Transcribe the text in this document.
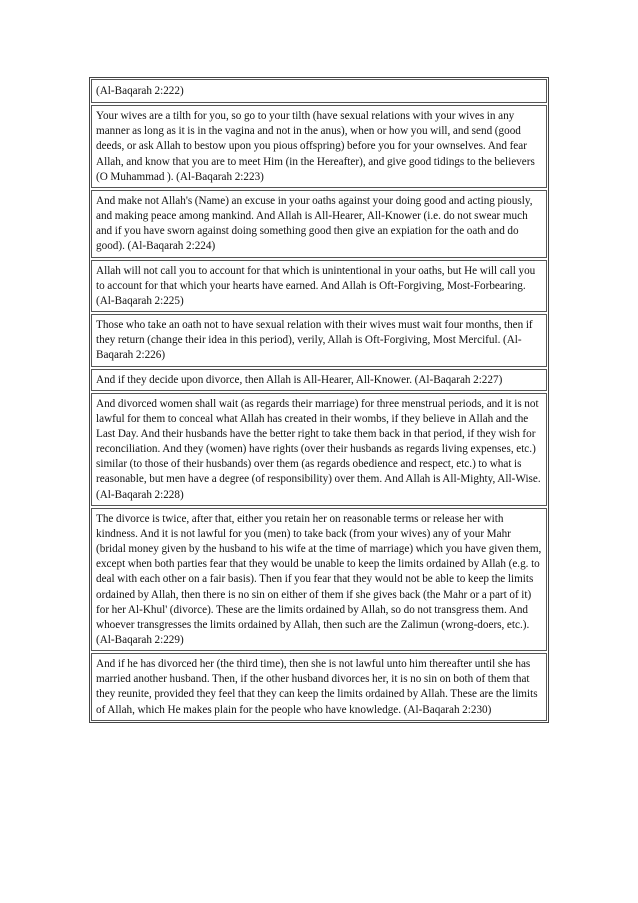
(Al-Baqarah 2:222)
Your wives are a tilth for you, so go to your tilth (have sexual relations with your wives in any manner as long as it is in the vagina and not in the anus), when or how you will, and send (good deeds, or ask Allah to bestow upon you pious offspring) before you for your ownselves. And fear Allah, and know that you are to meet Him (in the Hereafter), and give good tidings to the believers (O Muhammad ). (Al-Baqarah 2:223)
And make not Allah's (Name) an excuse in your oaths against your doing good and acting piously, and making peace among mankind. And Allah is All-Hearer, All-Knower (i.e. do not swear much and if you have sworn against doing something good then give an expiation for the oath and do good). (Al-Baqarah 2:224)
Allah will not call you to account for that which is unintentional in your oaths, but He will call you to account for that which your hearts have earned. And Allah is Oft-Forgiving, Most-Forbearing. (Al-Baqarah 2:225)
Those who take an oath not to have sexual relation with their wives must wait four months, then if they return (change their idea in this period), verily, Allah is Oft-Forgiving, Most Merciful. (Al-Baqarah 2:226)
And if they decide upon divorce, then Allah is All-Hearer, All-Knower. (Al-Baqarah 2:227)
And divorced women shall wait (as regards their marriage) for three menstrual periods, and it is not lawful for them to conceal what Allah has created in their wombs, if they believe in Allah and the Last Day. And their husbands have the better right to take them back in that period, if they wish for reconciliation. And they (women) have rights (over their husbands as regards living expenses, etc.) similar (to those of their husbands) over them (as regards obedience and respect, etc.) to what is reasonable, but men have a degree (of responsibility) over them. And Allah is All-Mighty, All-Wise. (Al-Baqarah 2:228)
The divorce is twice, after that, either you retain her on reasonable terms or release her with kindness. And it is not lawful for you (men) to take back (from your wives) any of your Mahr (bridal money given by the husband to his wife at the time of marriage) which you have given them, except when both parties fear that they would be unable to keep the limits ordained by Allah (e.g. to deal with each other on a fair basis). Then if you fear that they would not be able to keep the limits ordained by Allah, then there is no sin on either of them if she gives back (the Mahr or a part of it) for her Al-Khul' (divorce). These are the limits ordained by Allah, so do not transgress them. And whoever transgresses the limits ordained by Allah, then such are the Zalimun (wrong-doers, etc.). (Al-Baqarah 2:229)
And if he has divorced her (the third time), then she is not lawful unto him thereafter until she has married another husband. Then, if the other husband divorces her, it is no sin on both of them that they reunite, provided they feel that they can keep the limits ordained by Allah. These are the limits of Allah, which He makes plain for the people who have knowledge. (Al-Baqarah 2:230)
